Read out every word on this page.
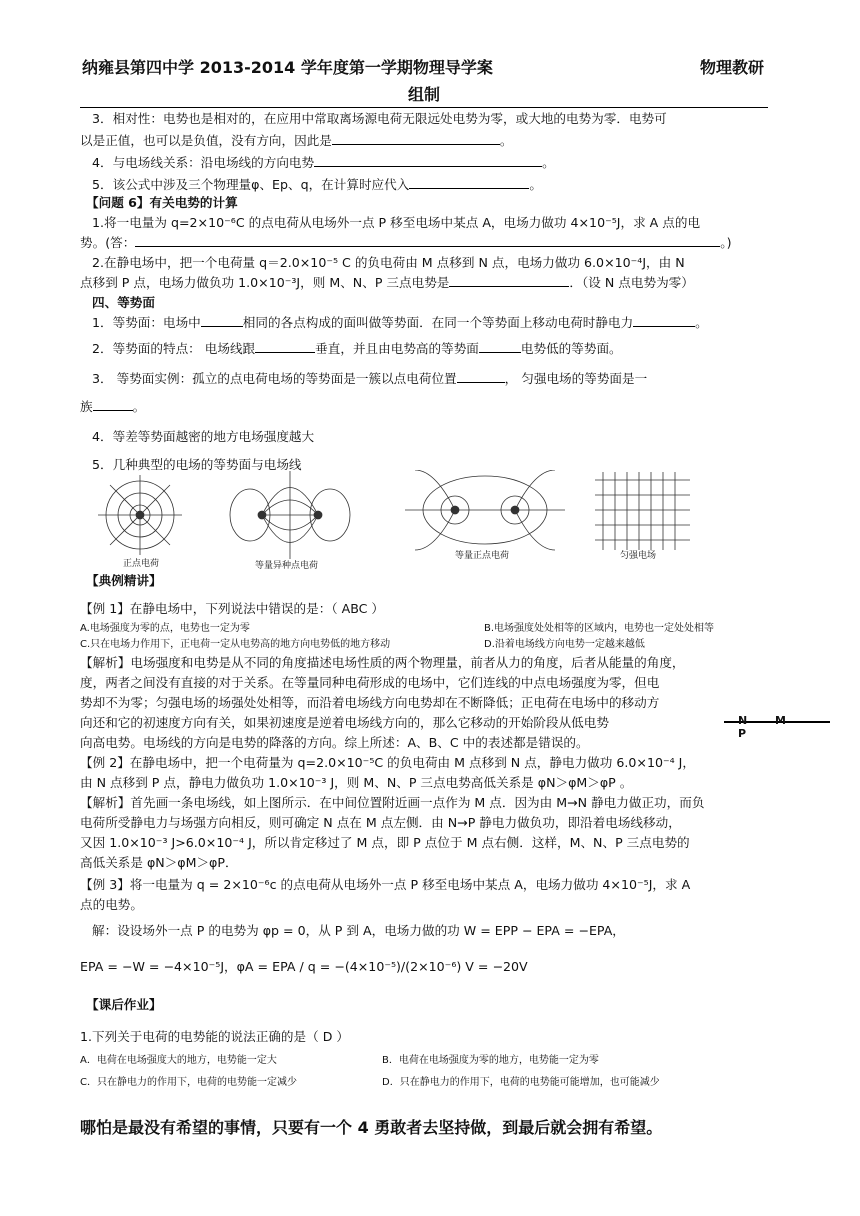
纳雍县第四中学 2013-2014 学年度第一学期物理导学案	物理教研
组制
3．相对性：电势也是相对的，在应用中常取离场源电荷无限远处电势为零，或大地的电势为零．电势可
以是正值，也可以是负值，没有方向，因此是	。
4．与电场线关系：沿电场线的方向电势	。
5．该公式中涉及三个物理量φ、Ep、q，在计算时应代入	。
【问题 6】有关电势的计算
1.将一电量为 q=2×10⁻⁶C 的点电荷从电场外一点 P 移至电场中某点 A，电场力做功 4×10⁻⁵J，求 A 点的电
势。(答：	。)
2.在静电场中，把一个电荷量 q＝2.0×10⁻⁵ C 的负电荷由 M 点移到 N 点，电场力做功 6.0×10⁻⁴J，由 N
点移到 P 点，电场力做负功 1.0×10⁻³J，则 M、N、P 三点电势是	．（设 N 点电势为零）
四、等势面
1．等势面：电场中	相同的各点构成的面叫做等势面．在同一个等势面上移动电荷时静电力	。
2．等势面的特点： 电场线跟	垂直，并且由电势高的等势面	电势低的等势面。
3． 等势面实例：孤立的点电荷电场的等势面是一簇以点电荷位置	， 匀强电场的等势面是一
族	。
4．等差等势面越密的地方电场强度越大
5．几种典型的电场的等势面与电场线
正点电荷	等量异种点电荷
等量正点电荷	匀强电场
【典例精讲】
【例 1】在静电场中，下列说法中错误的是：（ ABC ）
A.电场强度为零的点，电势也一定为零	B.电场强度处处相等的区域内，电势也一定处处相等
C.只在电场力作用下，正电荷一定从电势高的地方向电势低的地方移动	D.沿着电场线方向电势一定越来越低
【解析】电场强度和电势是从不同的角度描述电场性质的两个物理量，前者从力的角度，后者从能量的角度，
度，两者之间没有直接的对于关系。在等量同种电荷形成的电场中，它们连线的中点电场强度为零，但电
势却不为零；匀强电场的场强处处相等，而沿着电场线方向电势却在不断降低；正电荷在电场中的移动方
向还和它的初速度方向有关，如果初速度是逆着电场线方向的，那么它移动的开始阶段从低电势
向高电势。电场线的方向是电势的降落的方向。综上所述：A、B、C 中的表述都是错误的。
N M P
【例 2】在静电场中，把一个电荷量为 q=2.0×10⁻⁵C 的负电荷由 M 点移到 N 点，静电力做功 6.0×10⁻⁴ J，
由 N 点移到 P 点，静电力做负功 1.0×10⁻³ J，则 M、N、P 三点电势高低关系是 φN＞φM＞φP 。
【解析】首先画一条电场线，如上图所示．在中间位置附近画一点作为 M 点．因为由 M→N 静电力做正功，而负
电荷所受静电力与场强方向相反，则可确定 N 点在 M 点左侧．由 N→P 静电力做负功，即沿着电场线移动，
又因 1.0×10⁻³ J>6.0×10⁻⁴ J，所以肯定移过了 M 点，即 P 点位于 M 点右侧．这样，M、N、P 三点电势的
高低关系是 φN＞φM＞φP．
【例 3】将一电量为 q = 2×10⁻⁶c 的点电荷从电场外一点 P 移至电场中某点 A，电场力做功 4×10⁻⁵J，求 A
点的电势。
解：设设场外一点 P 的电势为 φp = 0，从 P 到 A，电场力做的功 W = EPP − EPA = −EPA，
EPA = −W = −4×10⁻⁵J，φA = EPA / q = −(4×10⁻⁵)/(2×10⁻⁶) V = −20V
【课后作业】
1.下列关于电荷的电势能的说法正确的是（ D ）
A．电荷在电场强度大的地方，电势能一定大	B．电荷在电场强度为零的地方，电势能一定为零
C．只在静电力的作用下，电荷的电势能一定减少	D．只在静电力的作用下，电荷的电势能可能增加，也可能减少
哪怕是最没有希望的事情，只要有一个 4 勇敢者去坚持做，到最后就会拥有希望。
